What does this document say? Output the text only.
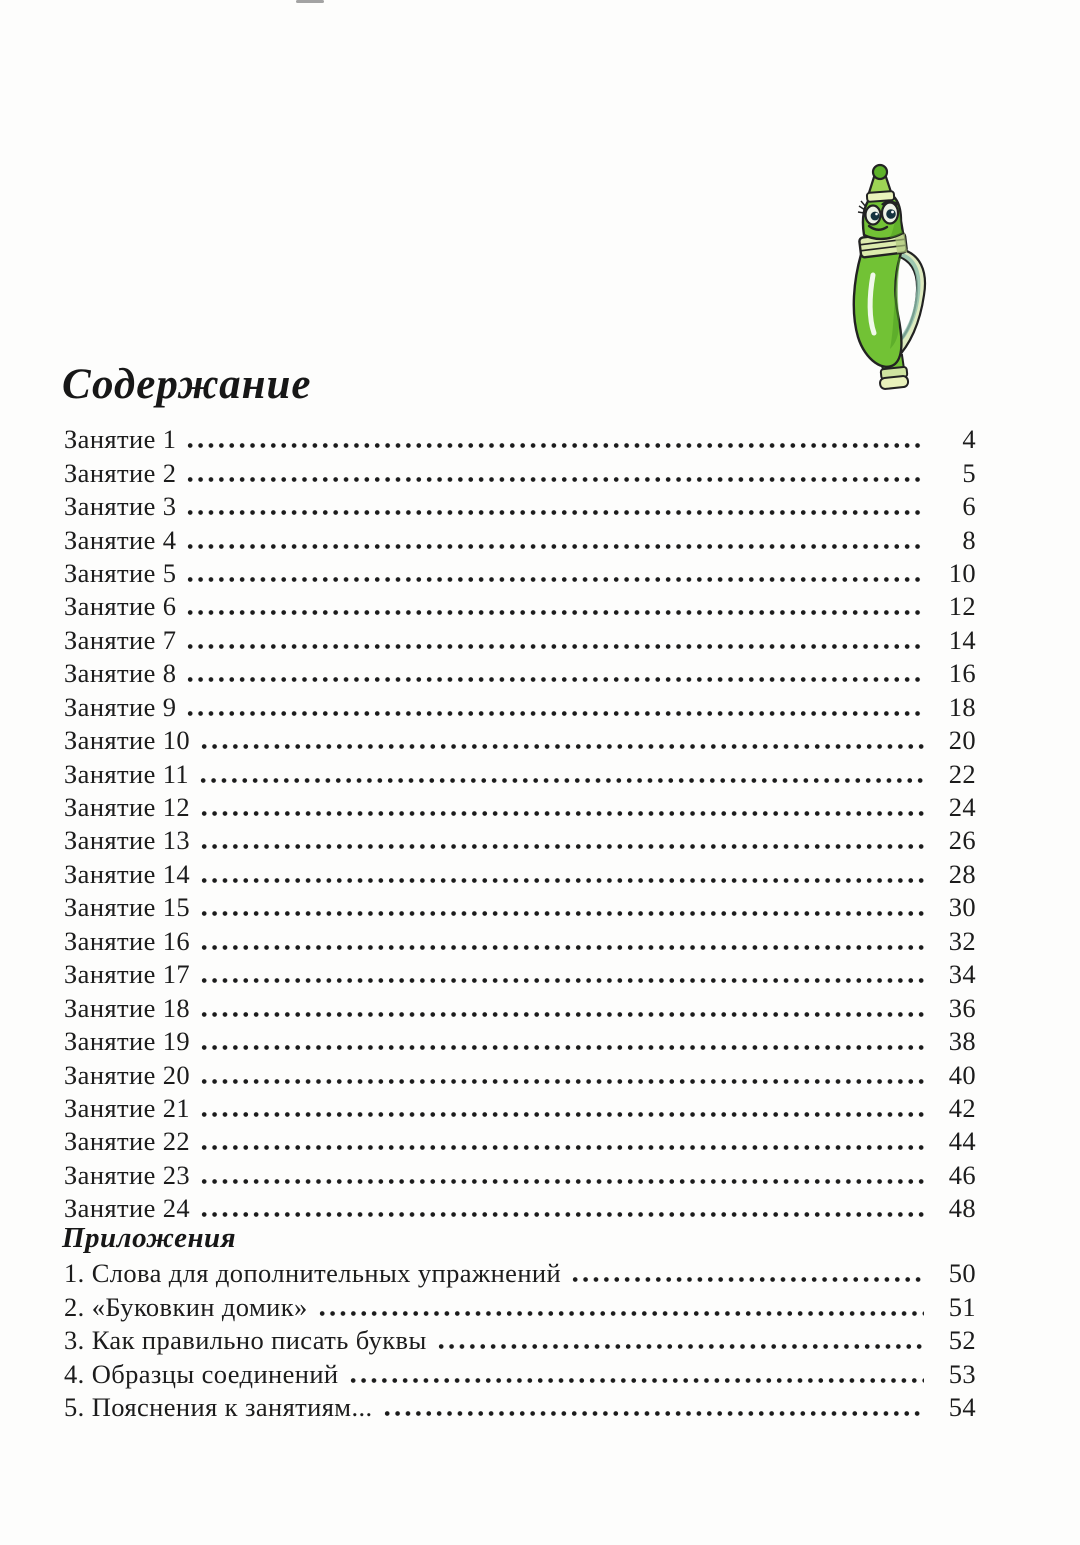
Содержание
Занятие 1	4
Занятие 2	5
Занятие 3	6
Занятие 4	8
Занятие 5	10
Занятие 6	12
Занятие 7	14
Занятие 8	16
Занятие 9	18
Занятие 10	20
Занятие 11	22
Занятие 12	24
Занятие 13	26
Занятие 14	28
Занятие 15	30
Занятие 16	32
Занятие 17	34
Занятие 18	36
Занятие 19	38
Занятие 20	40
Занятие 21	42
Занятие 22	44
Занятие 23	46
Занятие 24	48
Приложения
1. Слова для дополнительных упражнений	50
2. «Буковкин домик»	51
3. Как правильно писать буквы	52
4. Образцы соединений	53
5. Пояснения к занятиям...	54
